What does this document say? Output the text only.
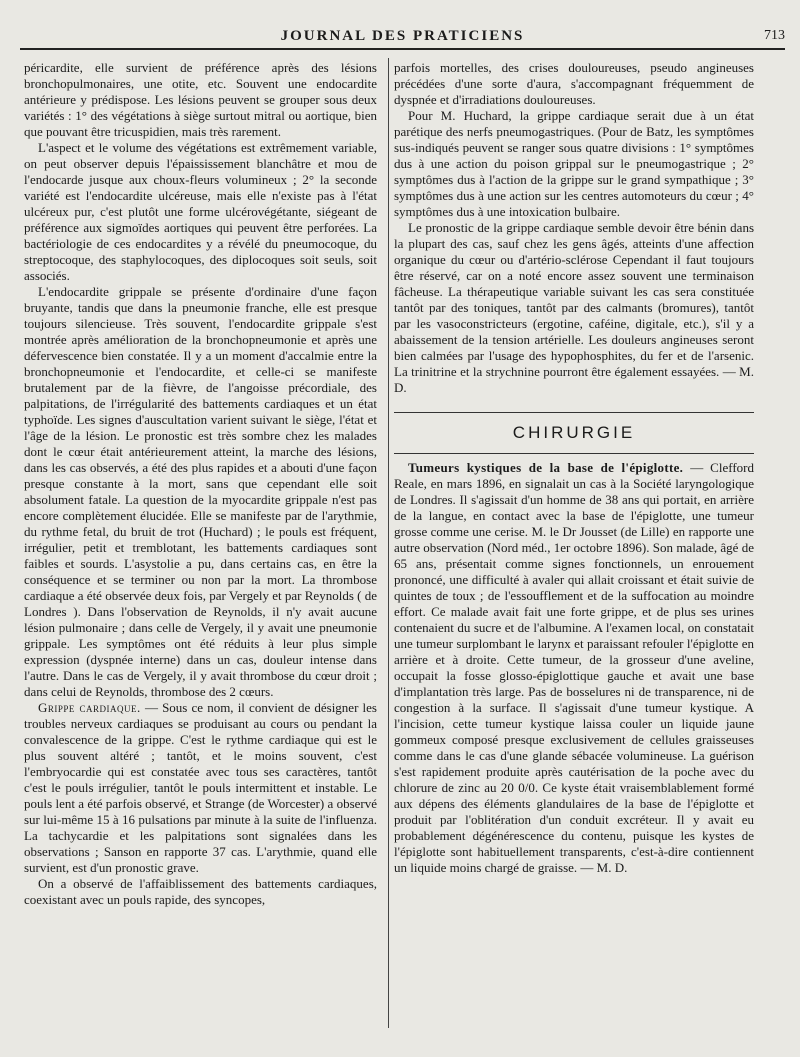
JOURNAL DES PRATICIENS	713

péricardite, elle survient de préférence après des lésions bronchopulmonaires, une otite, etc. Souvent une endocardite antérieure y prédispose. Les lésions peuvent se grouper sous deux variétés : 1° des végétations à siège surtout mitral ou aortique, bien que pouvant être tricuspidien, mais très rarement.

L'aspect et le volume des végétations est extrêmement variable, on peut observer depuis l'épaississement blanchâtre et mou de l'endocarde jusque aux choux-fleurs volumineux ; 2° la seconde variété est l'endocardite ulcéreuse, mais elle n'existe pas à l'état ulcéreux pur, c'est plutôt une forme ulcérovégétante, siégeant de préférence aux sigmoïdes aortiques qui peuvent être perforées. La bactériologie de ces endocardites y a révélé du pneumocoque, du streptocoque, des staphylocoques, des diplocoques soit seuls, soit associés.

L'endocardite grippale se présente d'ordinaire d'une façon bruyante, tandis que dans la pneumonie franche, elle est presque toujours silencieuse. Très souvent, l'endocardite grippale s'est montrée après amélioration de la bronchopneumonie et après une défervescence bien constatée. Il y a un moment d'accalmie entre la bronchopneumonie et l'endocardite, et celle-ci se manifeste brutalement par de la fièvre, de l'angoisse précordiale, des palpitations, de l'irrégularité des battements cardiaques et un état typhoïde. Les signes d'auscultation varient suivant le siège, l'état et l'âge de la lésion. Le pronostic est très sombre chez les malades dont le cœur était antérieurement atteint, la marche des lésions, dans les cas observés, a été des plus rapides et a abouti d'une façon presque constante à la mort, sans que cependant elle soit absolument fatale. La question de la myocardite grippale n'est pas encore complètement élucidée. Elle se manifeste par de l'arythmie, du rythme fetal, du bruit de trot (Huchard) ; le pouls est fréquent, irrégulier, petit et tremblotant, les battements cardiaques sont faibles et sourds. L'asystolie a pu, dans certains cas, en être la conséquence et se terminer ou non par la mort. La thrombose cardiaque a été observée deux fois, par Vergely et par Reynolds ( de Londres ). Dans l'observation de Reynolds, il n'y avait aucune lésion pulmonaire ; dans celle de Vergely, il y avait une pneumonie grippale. Les symptômes ont été réduits à leur plus simple expression (dyspnée interne) dans un cas, douleur intense dans l'autre. Dans le cas de Vergely, il y avait thrombose du cœur droit ; dans celui de Reynolds, thrombose des 2 cœurs.

Grippe cardiaque. — Sous ce nom, il convient de désigner les troubles nerveux cardiaques se produisant au cours ou pendant la convalescence de la grippe. C'est le rythme cardiaque qui est le plus souvent altéré ; tantôt, et le moins souvent, c'est l'embryocardie qui est constatée avec tous ses caractères, tantôt c'est le pouls irrégulier, tantôt le pouls intermittent et instable. Le pouls lent a été parfois observé, et Strange (de Worcester) a observé sur lui-même 15 à 16 pulsations par minute à la suite de l'influenza. La tachycardie et les palpitations sont signalées dans les observations ; Sanson en rapporte 37 cas. L'arythmie, quand elle survient, est d'un pronostic grave.

On a observé de l'affaiblissement des battements cardiaques, coexistant avec un pouls rapide, des syncopes,

parfois mortelles, des crises douloureuses, pseudo angineuses précédées d'une sorte d'aura, s'accompagnant fréquemment de dyspnée et d'irradiations douloureuses.

Pour M. Huchard, la grippe cardiaque serait due à un état parétique des nerfs pneumogastriques. (Pour de Batz, les symptômes sus-indiqués peuvent se ranger sous quatre divisions : 1° symptômes dus à une action du poison grippal sur le pneumogastrique ; 2° symptômes dus à l'action de la grippe sur le grand sympathique ; 3° symptômes dus à une action sur les centres automoteurs du cœur ; 4° symptômes dus à une intoxication bulbaire.

Le pronostic de la grippe cardiaque semble devoir être bénin dans la plupart des cas, sauf chez les gens âgés, atteints d'une affection organique du cœur ou d'artério-sclérose Cependant il faut toujours être réservé, car on a noté encore assez souvent une terminaison fâcheuse. La thérapeutique variable suivant les cas sera constituée tantôt par des toniques, tantôt par des calmants (bromures), tantôt par les vasoconstricteurs (ergotine, caféine, digitale, etc.), s'il y a abaissement de la tension artérielle. Les douleurs angineuses seront bien calmées par l'usage des hypophosphites, du fer et de l'arsenic. La trinitrine et la strychnine pourront être également essayées. — M. D.

CHIRURGIE

Tumeurs kystiques de la base de l'épiglotte. — Clefford Reale, en mars 1896, en signalait un cas à la Société laryngologique de Londres. Il s'agissait d'un homme de 38 ans qui portait, en arrière de la langue, en contact avec la base de l'épiglotte, une tumeur grosse comme une cerise. M. le Dr Jousset (de Lille) en rapporte une autre observation (Nord méd., 1er octobre 1896). Son malade, âgé de 65 ans, présentait comme signes fonctionnels, un enrouement prononcé, une difficulté à avaler qui allait croissant et était suivie de quintes de toux ; de l'essoufflement et de la suffocation au moindre effort. Ce malade avait fait une forte grippe, et de plus ses urines contenaient du sucre et de l'albumine. A l'examen local, on constatait une tumeur surplombant le larynx et paraissant refouler l'épiglotte en arrière et à droite. Cette tumeur, de la grosseur d'une aveline, occupait la fosse glosso-épiglottique gauche et avait une base d'implantation très large. Pas de bosselures ni de transparence, ni de congestion à la surface. Il s'agissait d'une tumeur kystique. A l'incision, cette tumeur kystique laissa couler un liquide jaune gommeux composé presque exclusivement de cellules graisseuses comme dans le cas d'une glande sébacée volumineuse. La guérison s'est rapidement produite après cautérisation de la poche avec du chlorure de zinc au 20 0/0. Ce kyste était vraisemblablement formé aux dépens des éléments glandulaires de la base de l'épiglotte et produit par l'oblitération d'un conduit excréteur. Il y avait eu probablement dégénérescence du contenu, puisque les kystes de l'épiglotte sont habituellement transparents, c'est-à-dire contiennent un liquide moins chargé de graisse. — M. D.
